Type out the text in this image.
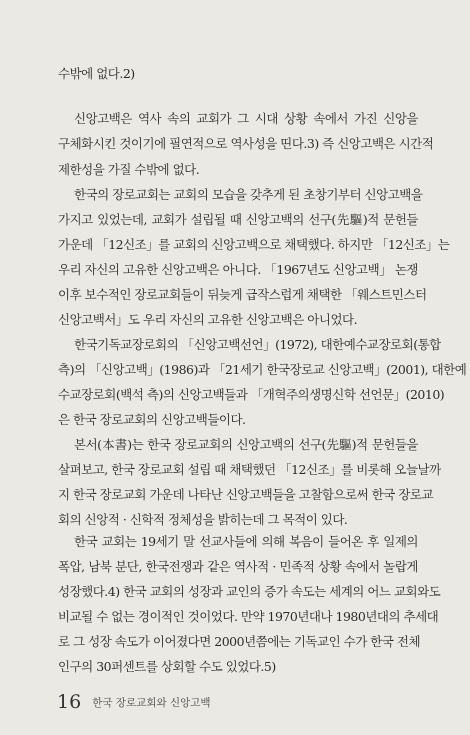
수밖에 없다.2)
신앙고백은 역사 속의 교회가 그 시대 상황 속에서 가진 신앙을
구체화시킨 것이기에 필연적으로 역사성을 띤다.3) 즉 신앙고백은 시간적
제한성을 가질 수밖에 없다.
한국의 장로교회는 교회의 모습을 갖추게 된 초창기부터 신앙고백을
가지고 있었는데, 교회가 설립될 때 신앙고백의 선구(先驅)적 문헌들
가운데 「12신조」를 교회의 신앙고백으로 채택했다. 하지만 「12신조」는
우리 자신의 고유한 신앙고백은 아니다. 「1967년도 신앙고백」 논쟁
이후 보수적인 장로교회들이 뒤늦게 급작스럽게 채택한 「웨스트민스터
신앙고백서」도 우리 자신의 고유한 신앙고백은 아니었다.
한국기독교장로회의 「신앙고백선언」(1972), 대한예수교장로회(통합
측)의 「신앙고백」(1986)과 「21세기 한국장로교 신앙고백」(2001), 대한예
수교장로회(백석 측)의 신앙고백들과 「개혁주의생명신학 선언문」(2010)
은 한국 장로교회의 신앙고백들이다.
본서(本書)는 한국 장로교회의 신앙고백의 선구(先驅)적 문헌들을
살펴보고, 한국 장로교회 설립 때 채택했던 「12신조」를 비롯해 오늘날까
지 한국 장로교회 가운데 나타난 신앙고백들을 고찰함으로써 한국 장로교
회의 신앙적 · 신학적 정체성을 밝히는데 그 목적이 있다.
한국 교회는 19세기 말 선교사들에 의해 복음이 들어온 후 일제의
폭압, 남북 분단, 한국전쟁과 같은 역사적 · 민족적 상황 속에서 놀랍게
성장했다.4) 한국 교회의 성장과 교인의 증가 속도는 세계의 어느 교회와도
비교될 수 없는 경이적인 것이었다. 만약 1970년대나 1980년대의 추세대
로 그 성장 속도가 이어졌다면 2000년쯤에는 기독교인 수가 한국 전체
16 한국 장로교회와 신앙고백
인구의 30퍼센트를 상회할 수도 있었다.5)
